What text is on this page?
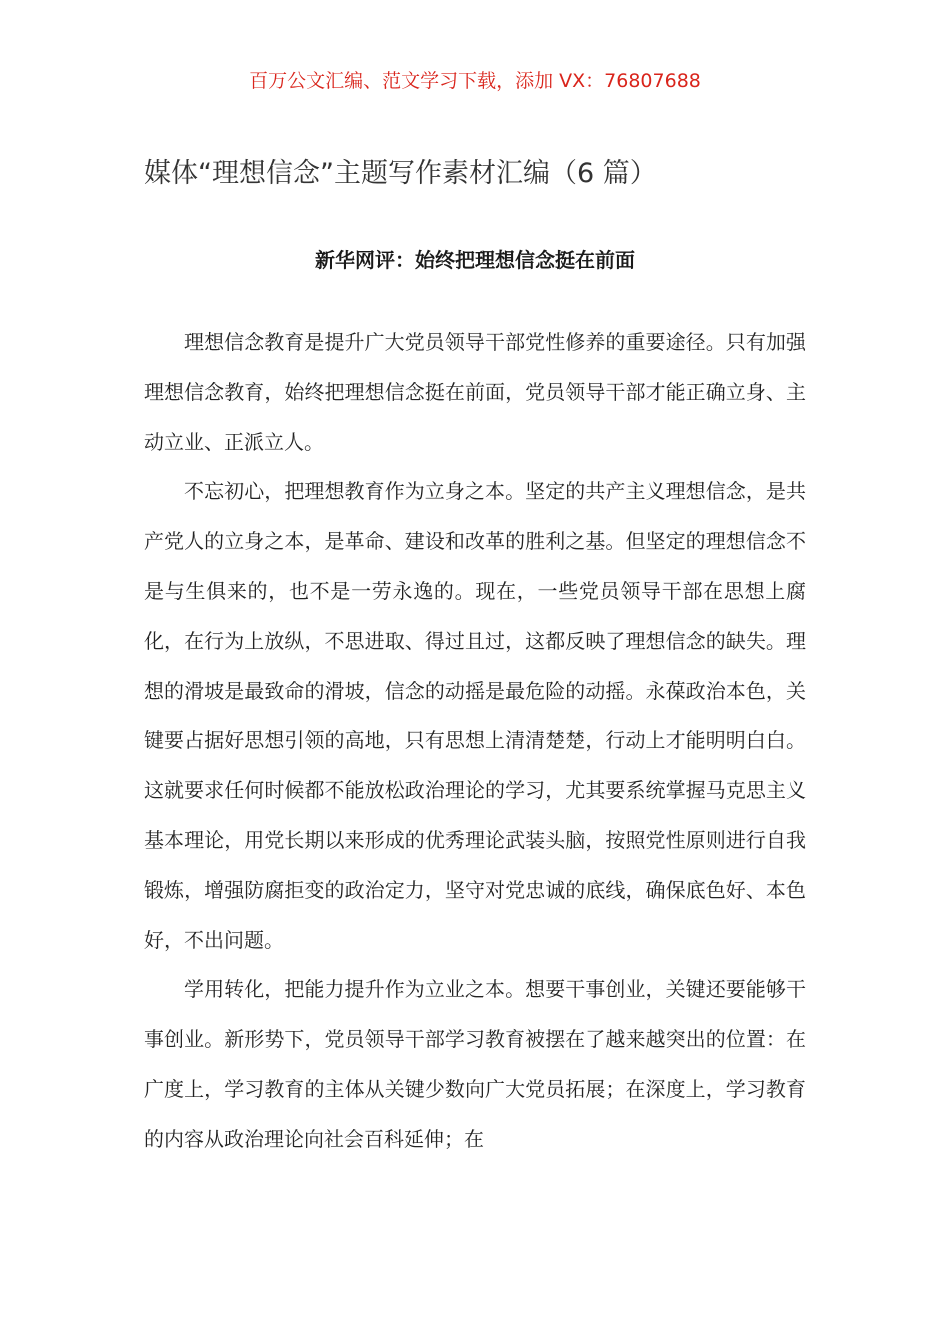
百万公文汇编、范文学习下载，添加 VX：76807688
媒体“理想信念”主题写作素材汇编（6 篇）
新华网评：始终把理想信念挺在前面

理想信念教育是提升广大党员领导干部党性修养的重要途径。只有加强理想信念教育，始终把理想信念挺在前面，党员领导干部才能正确立身、主动立业、正派立人。

不忘初心，把理想教育作为立身之本。坚定的共产主义理想信念，是共产党人的立身之本，是革命、建设和改革的胜利之基。但坚定的理想信念不是与生俱来的，也不是一劳永逸的。现在，一些党员领导干部在思想上腐化，在行为上放纵，不思进取、得过且过，这都反映了理想信念的缺失。理想的滑坡是最致命的滑坡，信念的动摇是最危险的动摇。永葆政治本色，关键要占据好思想引领的高地，只有思想上清清楚楚，行动上才能明明白白。这就要求任何时候都不能放松政治理论的学习，尤其要系统掌握马克思主义基本理论，用党长期以来形成的优秀理论武装头脑，按照党性原则进行自我锻炼，增强防腐拒变的政治定力，坚守对党忠诚的底线，确保底色好、本色好，不出问题。

学用转化，把能力提升作为立业之本。想要干事创业，关键还要能够干事创业。新形势下，党员领导干部学习教育被摆在了越来越突出的位置：在广度上，学习教育的主体从关键少数向广大党员拓展；在深度上，学习教育的内容从政治理论向社会百科延伸；在
